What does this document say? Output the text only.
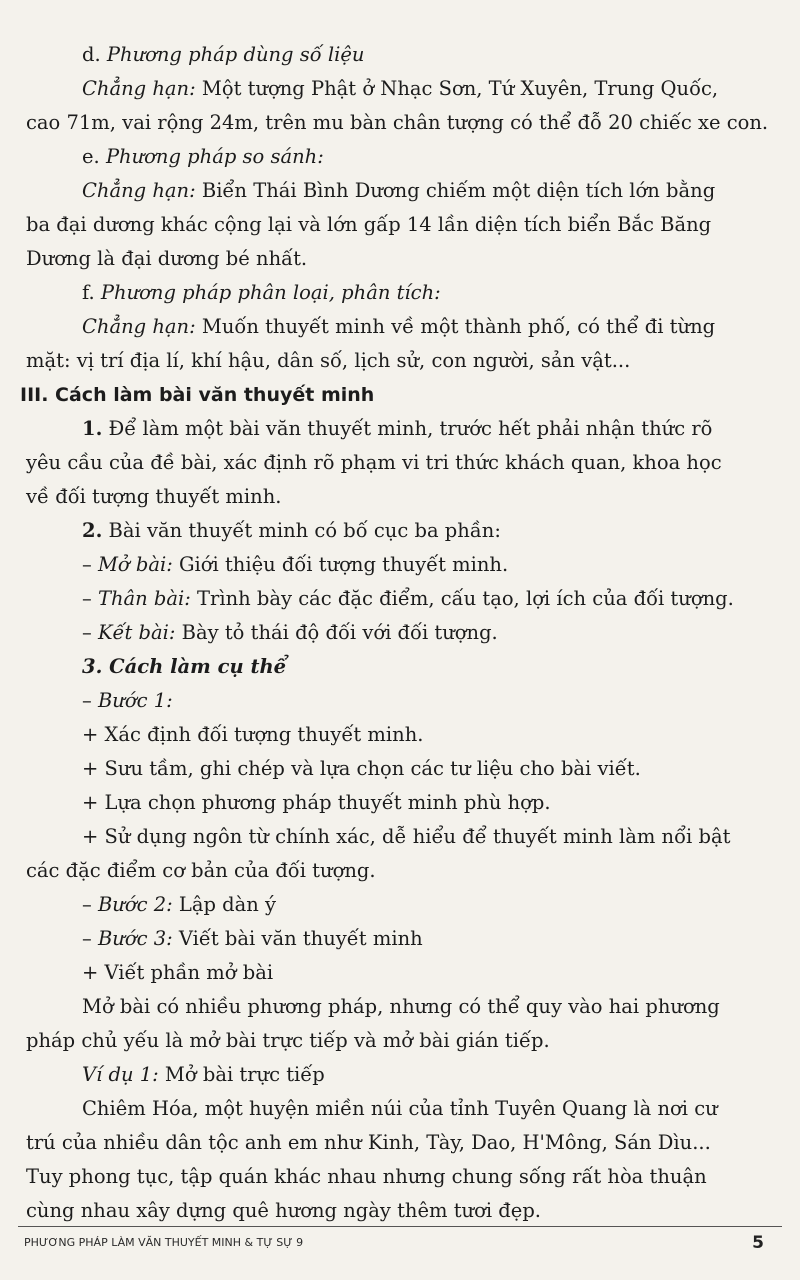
d. Phương pháp dùng số liệu
Chẳng hạn: Một tượng Phật ở Nhạc Sơn, Tứ Xuyên, Trung Quốc,
cao 71m, vai rộng 24m, trên mu bàn chân tượng có thể đỗ 20 chiếc xe con.
e. Phương pháp so sánh:
Chẳng hạn: Biển Thái Bình Dương chiếm một diện tích lớn bằng
ba đại dương khác cộng lại và lớn gấp 14 lần diện tích biển Bắc Băng
Dương là đại dương bé nhất.
f. Phương pháp phân loại, phân tích:
Chẳng hạn: Muốn thuyết minh về một thành phố, có thể đi từng
mặt: vị trí địa lí, khí hậu, dân số, lịch sử, con người, sản vật...
III. Cách làm bài văn thuyết minh
1. Để làm một bài văn thuyết minh, trước hết phải nhận thức rõ
yêu cầu của đề bài, xác định rõ phạm vi tri thức khách quan, khoa học
về đối tượng thuyết minh.
2. Bài văn thuyết minh có bố cục ba phần:
– Mở bài: Giới thiệu đối tượng thuyết minh.
– Thân bài: Trình bày các đặc điểm, cấu tạo, lợi ích của đối tượng.
– Kết bài: Bày tỏ thái độ đối với đối tượng.
3. Cách làm cụ thể
– Bước 1:
+ Xác định đối tượng thuyết minh.
+ Sưu tầm, ghi chép và lựa chọn các tư liệu cho bài viết.
+ Lựa chọn phương pháp thuyết minh phù hợp.
+ Sử dụng ngôn từ chính xác, dễ hiểu để thuyết minh làm nổi bật
các đặc điểm cơ bản của đối tượng.
– Bước 2: Lập dàn ý
– Bước 3: Viết bài văn thuyết minh
+ Viết phần mở bài
Mở bài có nhiều phương pháp, nhưng có thể quy vào hai phương
pháp chủ yếu là mở bài trực tiếp và mở bài gián tiếp.
Ví dụ 1: Mở bài trực tiếp
Chiêm Hóa, một huyện miền núi của tỉnh Tuyên Quang là nơi cư
trú của nhiều dân tộc anh em như Kinh, Tày, Dao, H'Mông, Sán Dìu...
Tuy phong tục, tập quán khác nhau nhưng chung sống rất hòa thuận
cùng nhau xây dựng quê hương ngày thêm tươi đẹp.
PHƯƠNG PHÁP LÀM VĂN THUYẾT MINH & TỰ SỰ 9	5
